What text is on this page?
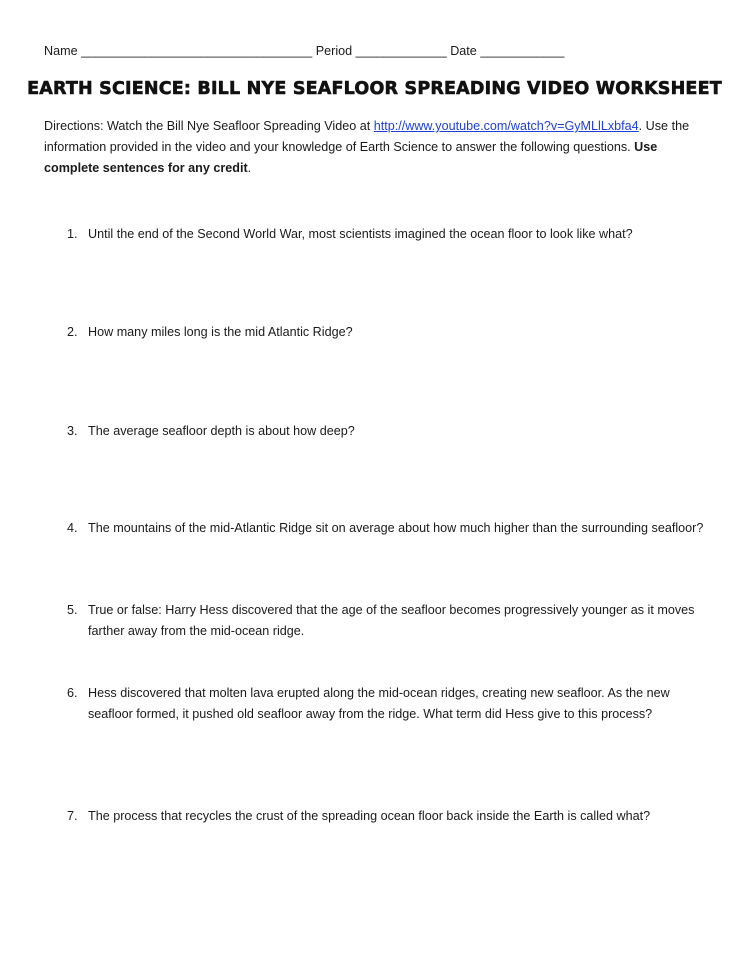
Name _________________________________ Period _____________ Date ____________
EARTH SCIENCE: BILL NYE SEAFLOOR SPREADING VIDEO WORKSHEET
Directions: Watch the Bill Nye Seafloor Spreading Video at http://www.youtube.com/watch?v=GyMLlLxbfa4. Use the information provided in the video and your knowledge of Earth Science to answer the following questions. Use complete sentences for any credit.
1. Until the end of the Second World War, most scientists imagined the ocean floor to look like what?
2. How many miles long is the mid Atlantic Ridge?
3. The average seafloor depth is about how deep?
4. The mountains of the mid-Atlantic Ridge sit on average about how much higher than the surrounding seafloor?
5. True or false: Harry Hess discovered that the age of the seafloor becomes progressively younger as it moves farther away from the mid-ocean ridge.
6. Hess discovered that molten lava erupted along the mid-ocean ridges, creating new seafloor. As the new seafloor formed, it pushed old seafloor away from the ridge. What term did Hess give to this process?
7. The process that recycles the crust of the spreading ocean floor back inside the Earth is called what?
